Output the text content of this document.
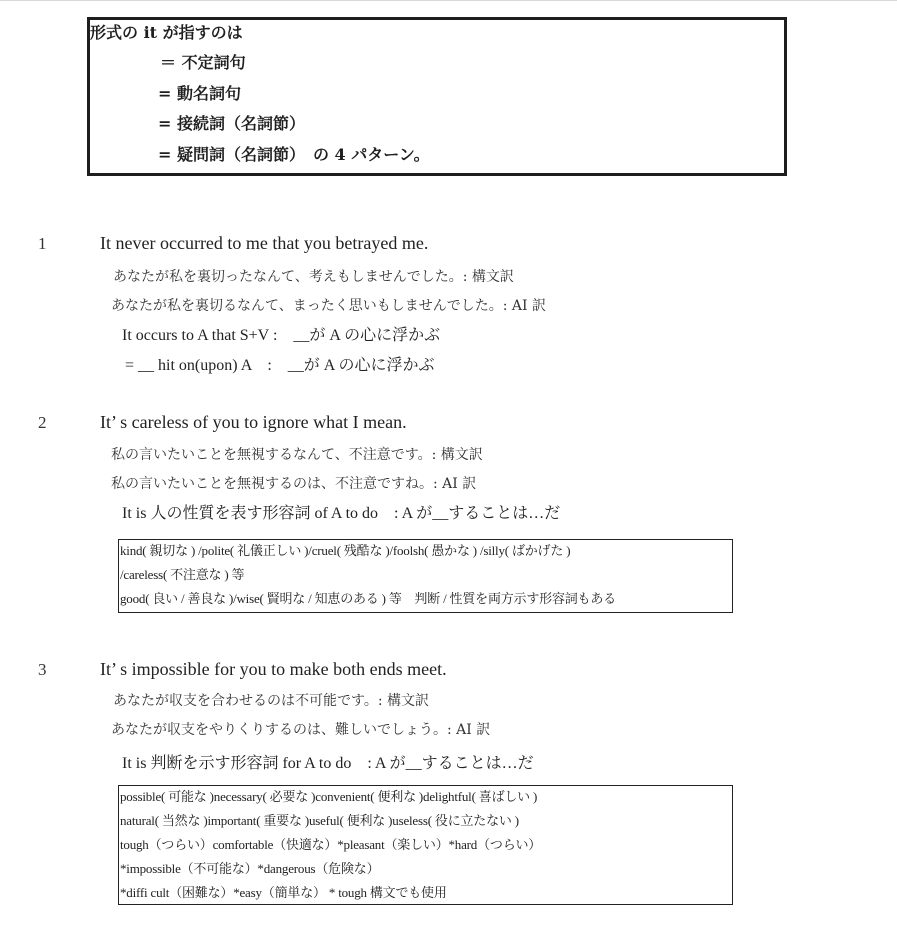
形式の it が指すのは
＝ 不定詞句
= 動名詞句
= 接続詞（名詞節）
= 疑問詞（名詞節）　の 4 パターン。
1	It never occurred to me that you betrayed me.
あなたが私を裏切ったなんて、考えもしませんでした。: 構文訳
あなたが私を裏切るなんて、まったく思いもしませんでした。: AI 訳
It occurs to A that S+V :　__が A の心に浮かぶ
= __ hit on(upon) A　:　__が A の心に浮かぶ
2	It’ s careless of you to ignore what I mean.
私の言いたいことを無視するなんて、不注意です。: 構文訳
私の言いたいことを無視するのは、不注意ですね。: AI 訳
It is 人の性質を表す形容詞 of A to do　: A が__することは…だ
kind( 親切な ) /polite( 礼儀正しい )/cruel( 残酷な )/foolsh( 愚かな ) /silly( ばかげた )
/careless( 不注意な ) 等
good( 良い / 善良な )/wise( 賢明な / 知恵のある ) 等　判断 / 性質を両方示す形容詞もある
3	It’ s impossible for you to make both ends meet.
あなたが収支を合わせるのは不可能です。: 構文訳
あなたが収支をやりくりするのは、難しいでしょう。: AI 訳
It is 判断を示す形容詞 for A to do　: A が__することは…だ
possible( 可能な )necessary( 必要な )convenient( 便利な )delightful( 喜ばしい )
natural( 当然な )important( 重要な )useful( 便利な )useless( 役に立たない )
tough（つらい）comfortable（快適な）*pleasant（楽しい）*hard（つらい）
*impossible（不可能な）*dangerous（危険な）
*diffi cult（困難な）*easy（簡単な） * tough 構文でも使用
